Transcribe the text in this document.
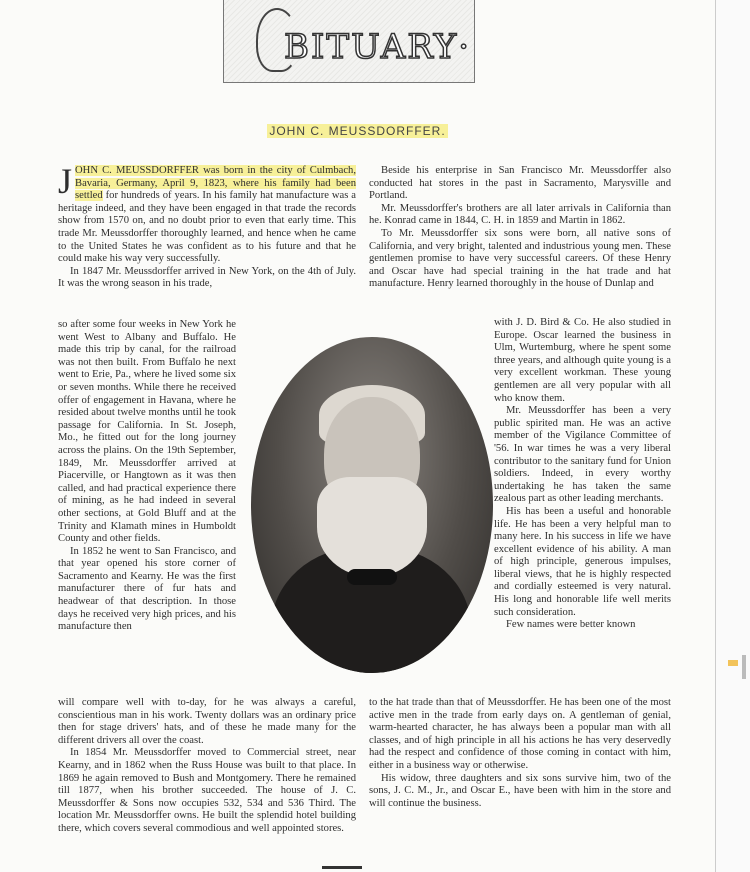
BITUARY·
JOHN C. MEUSSDORFFER.

JOHN C. MEUSSDORFFER was born in the city of Culmbach, Bavaria, Germany, April 9, 1823, where his family had been settled for hundreds of years. In his family hat manufacture was a heritage indeed, and they have been engaged in that trade the records show from 1570 on, and no doubt prior to even that early time. This trade Mr. Meussdorffer thoroughly learned, and hence when he came to the United States he was confident as to his future and that he could make his way very successfully.

In 1847 Mr. Meussdorffer arrived in New York, on the 4th of July. It was the wrong season in his trade,

so after some four weeks in New York he went West to Albany and Buffalo. He made this trip by canal, for the railroad was not then built. From Buffalo he next went to Erie, Pa., where he lived some six or seven months. While there he received offer of engagement in Havana, where he resided about twelve months until he took passage for California. In St. Joseph, Mo., he fitted out for the long journey across the plains. On the 19th September, 1849, Mr. Meussdorffer arrived at Piacerville, or Hangtown as it was then called, and had practical experience there of mining, as he had indeed in several other sections, at Gold Bluff and at the Trinity and Klamath mines in Humboldt County and other fields.

In 1852 he went to San Francisco, and that year opened his store corner of Sacramento and Kearny. He was the first manufacturer there of fur hats and headwear of that description. In those days he received very high prices, and his manufacture then

will compare well with to-day, for he was always a careful, conscientious man in his work. Twenty dollars was an ordinary price then for stage drivers' hats, and of these he made many for the different drivers all over the coast.

In 1854 Mr. Meussdorffer moved to Commercial street, near Kearny, and in 1862 when the Russ House was built to that place. In 1869 he again removed to Bush and Montgomery. There he remained till 1877, when his brother succeeded. The house of J. C. Meussdorffer & Sons now occupies 532, 534 and 536 Third. The location Mr. Meussdorffer owns. He built the splendid hotel building there, which covers several commodious and well appointed stores.

Beside his enterprise in San Francisco Mr. Meussdorffer also conducted hat stores in the past in Sacramento, Marysville and Portland.

Mr. Meussdorffer's brothers are all later arrivals in California than he. Konrad came in 1844, C. H. in 1859 and Martin in 1862.

To Mr. Meussdorffer six sons were born, all native sons of California, and very bright, talented and industrious young men. These gentlemen promise to have very successful careers. Of these Henry and Oscar have had special training in the hat trade and hat manufacture. Henry learned thoroughly in the house of Dunlap and

with J. D. Bird & Co. He also studied in Europe. Oscar learned the business in Ulm, Wurtemburg, where he spent some three years, and although quite young is a very excellent workman. These young gentlemen are all very popular with all who know them.

Mr. Meussdorffer has been a very public spirited man. He was an active member of the Vigilance Committee of '56. In war times he was a very liberal contributor to the sanitary fund for Union soldiers. Indeed, in every worthy undertaking he has taken the same zealous part as other leading merchants.

His has been a useful and honorable life. He has been a very helpful man to many here. In his success in life we have excellent evidence of his ability. A man of high principle, generous impulses, liberal views, that he is highly respected and cordially esteemed is very natural. His long and honorable life well merits such consideration.

Few names were better known

to the hat trade than that of Meussdorffer. He has been one of the most active men in the trade from early days on. A gentleman of genial, warm-hearted character, he has always been a popular man with all classes, and of high principle in all his actions he has very deservedly had the respect and confidence of those coming in contact with him, either in a business way or otherwise.

His widow, three daughters and six sons survive him, two of the sons, J. C. M., Jr., and Oscar E., have been with him in the store and will continue the business.
